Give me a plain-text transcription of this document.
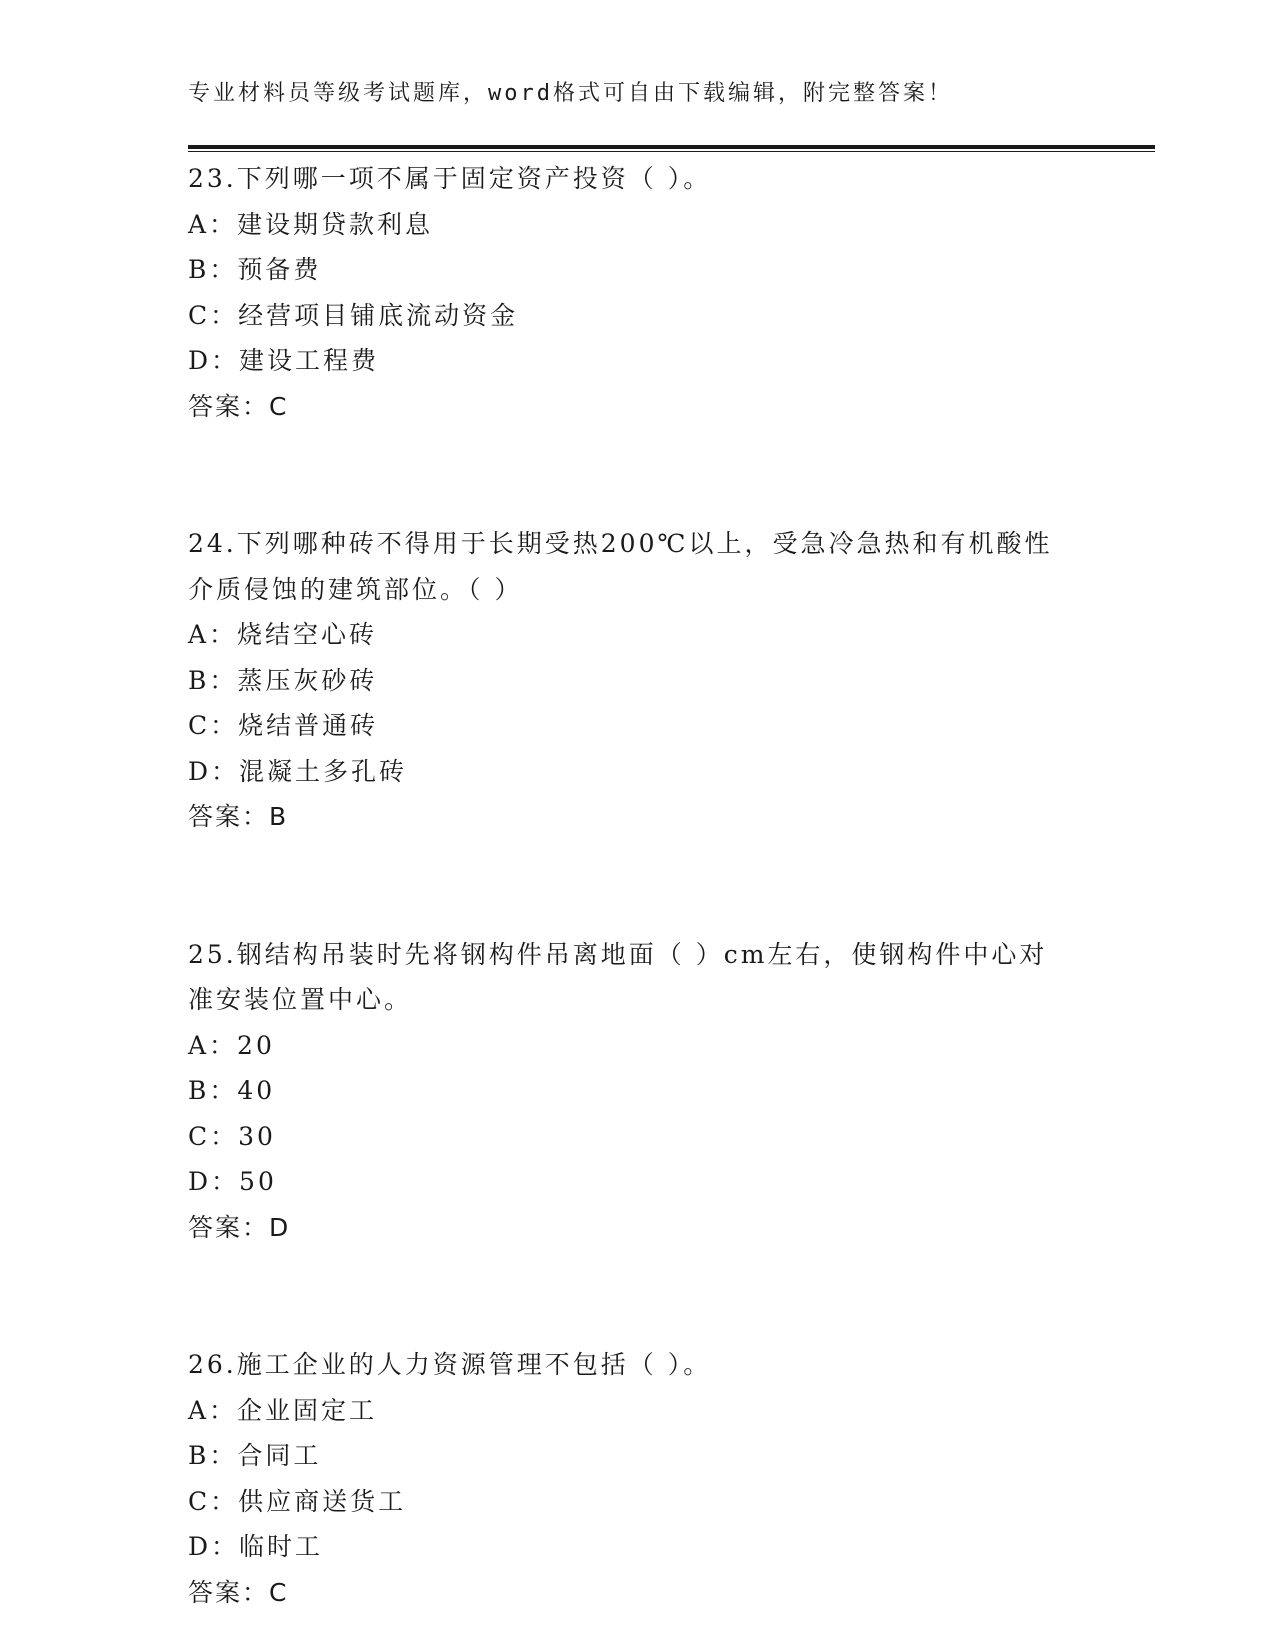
专业材料员等级考试题库，word格式可自由下载编辑，附完整答案！
23.下列哪一项不属于固定资产投资（ ）。
A：建设期贷款利息
B：预备费
C：经营项目铺底流动资金
D：建设工程费
答案：C
24.下列哪种砖不得用于长期受热200℃以上，受急冷急热和有机酸性
介质侵蚀的建筑部位。（ ）
A：烧结空心砖
B：蒸压灰砂砖
C：烧结普通砖
D：混凝土多孔砖
答案：B
25.钢结构吊装时先将钢构件吊离地面（ ）cm左右，使钢构件中心对
准安装位置中心。
A：20
B：40
C：30
D：50
答案：D
26.施工企业的人力资源管理不包括（ ）。
A：企业固定工
B：合同工
C：供应商送货工
D：临时工
答案：C
